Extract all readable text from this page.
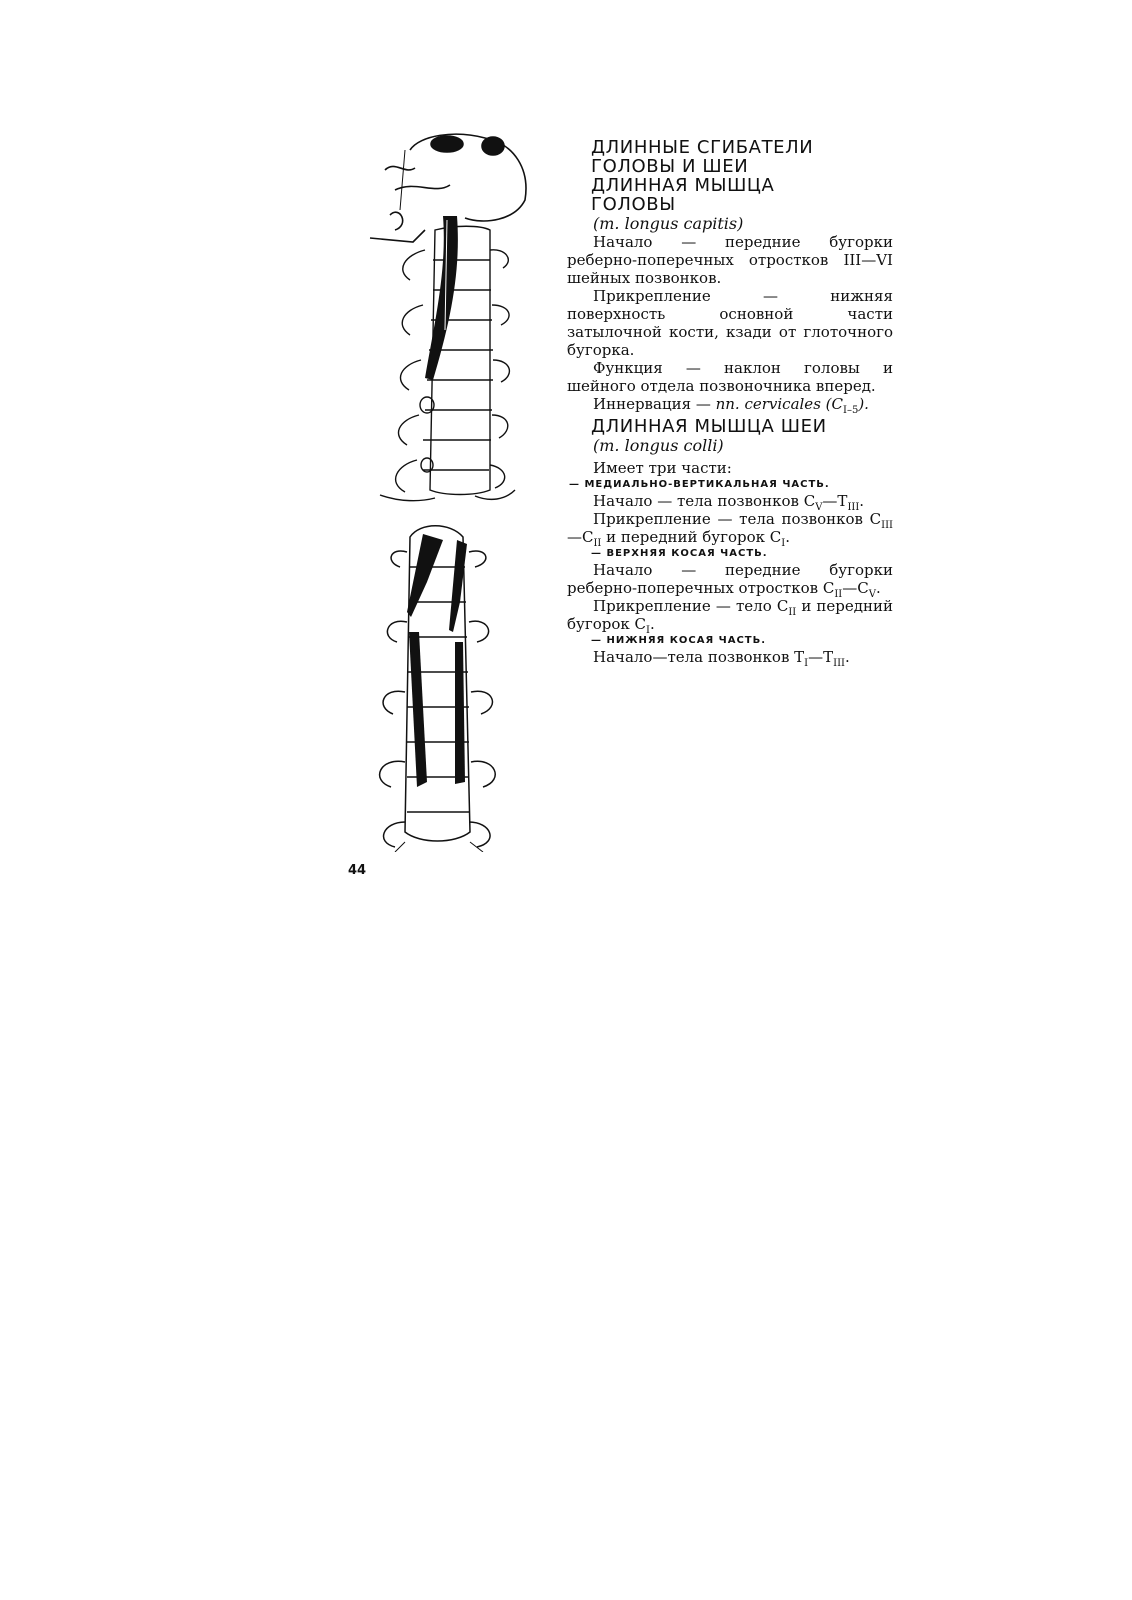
ДЛИННЫЕ СГИБАТЕЛИ

ГОЛОВЫ И ШЕИ

ДЛИННАЯ МЫШЦА

ГОЛОВЫ

(m. longus capitis)

Начало — передние бугорки реберно-поперечных отростков III—VI шейных позвонков.

Прикрепление — нижняя поверхность основной части затылочной кости, кзади от глоточного бугорка.

Функция — наклон головы и шейного отдела позвоночника вперед.

Иннервация — nn. cervicales $(C_{I-5})$.

ДЛИННАЯ МЫШЦА ШЕИ

(m. longus colli)

Имеет три части:

— МЕДИАЛЬНО-ВЕРТИКАЛЬНАЯ ЧАСТЬ.

Начало — тела позвонков $C_V—T_{III}$.

Прикрепление — тела позвонков $C_{III}—C_{II}$ и передний бугорок $C_I$.

— ВЕРХНЯЯ КОСАЯ ЧАСТЬ.

Начало — передние бугорки реберно-поперечных отростков $C_{II}—C_V$.

Прикрепление — тело $C_{II}$ и передний бугорок $C_I$.

— НИЖНЯЯ КОСАЯ ЧАСТЬ.

Начало—тела позвонков $T_I—T_{III}$.

44
